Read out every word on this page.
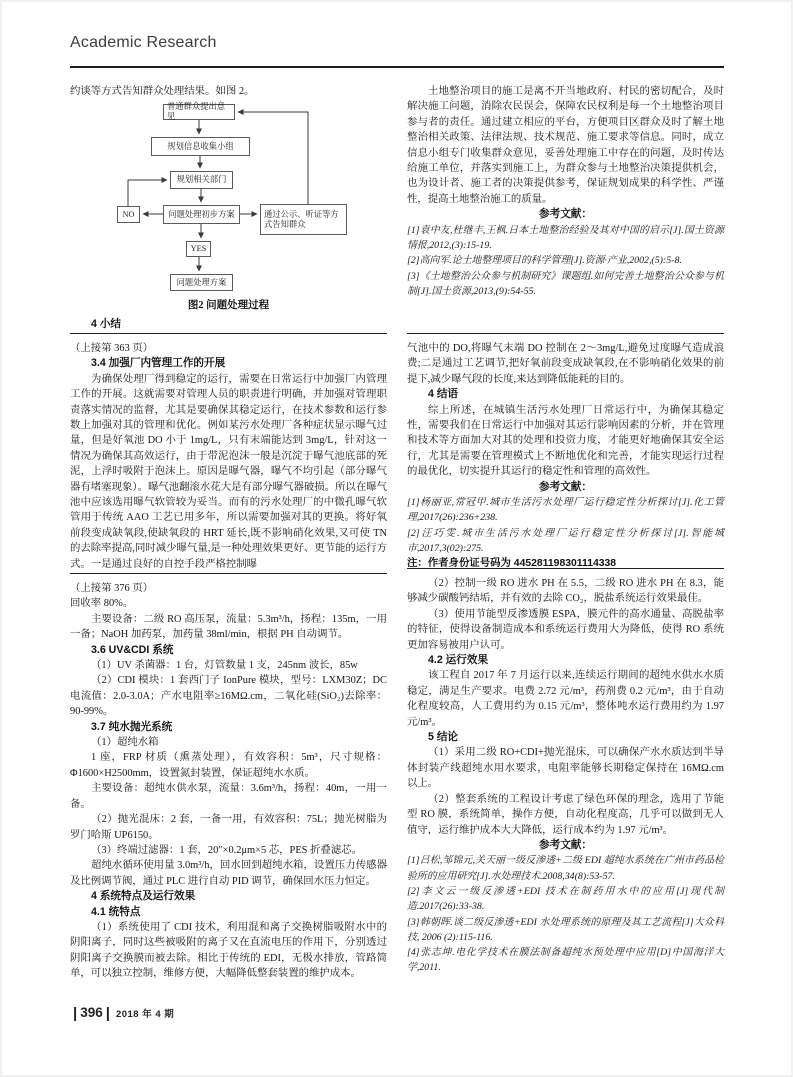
Academic Research
约谈等方式告知群众处理结果。如图 2。
普通群众提出意见
规划信息收集小组
规划相关部门
问题处理初步方案
NO	通过公示、听证等方式告知群众
YES
问题处理方案
图2 问题处理过程
4 小结
（上接第 363 页）
3.4 加强厂内管理工作的开展
为确保处理厂得到稳定的运行，需要在日常运行中加强厂内管理工作的开展。这就需要对管理人员的职责进行明确，并加强对管理职责落实情况的监督，尤其是要确保其稳定运行，在技术参数和运行参数上加强对其的管理和优化。例如某污水处理厂各种症状显示曝气过量，但是好氧池 DO 小于 1mg/L，只有末端能达到 3mg/L，针对这一情况为确保其高效运行，由于带泥泡沫一般是沉淀于曝气池底部的死泥，上浮时吸附于泡沫上。原因是曝气器，曝气不均引起（部分曝气器有堵塞现象）。曝气池翻滚水花大是有部分曝气器破损。所以在曝气池中应该选用曝气软管较为妥当。而有的污水处理厂的中微孔曝气软管用于传统 AAO 工艺已用多年，所以需要加强对其的更换。将好氧前段变成缺氧段,使缺氧段的 HRT 延长,既不影响硝化效果,又可使 TN 的去除率提高,同时减少曝气量,是一种处理效果更好、更节能的运行方式。一是通过良好的自控手段严格控制曝
（上接第 376 页）
回收率 80%。
主要设备：二级 RO 高压泵，流量：5.3m³/h，扬程：135m，一用一备；NaOH 加药泵，加药量 38ml/min，根据 PH 自动调节。
3.6 UV&CDI 系统
（1）UV 杀菌器：1 台，灯管数量 1 支，245nm 波长，85w
（2）CDI 模块：1 套西门子 IonPure 模块，型号：LXM30Z；DC 电流值：2.0-3.0A；产水电阻率≥16MΩ.cm，二氧化硅(SiO₂)去除率：90-99%。
3.7 纯水抛光系统
（1）超纯水箱
1 座，FRP 材质（熏蒸处理），有效容积：5m³，尺寸规格：Φ1600×H2500mm，设置氮封装置，保证超纯水水质。
主要设备：超纯水供水泵，流量：3.6m³/h，扬程：40m，一用一备。
（2）抛光混床：2 套，一备一用，有效容积：75L；抛光树脂为罗门哈斯 UP6150。
（3）终端过滤器：1 套，20″×0.2μm×5 芯，PES 折叠滤芯。
超纯水循环使用量 3.0m³/h，回水回到超纯水箱，设置压力传感器及比例调节阀，通过 PLC 进行自动 PID 调节，确保回水压力恒定。
4 系统特点及运行效果
4.1 统特点
（1）系统使用了 CDI 技术，利用混和离子交换树脂吸附水中的阴阳离子，同时这些被吸附的离子又在直流电压的作用下，分别透过阴阳离子交换膜而被去除。相比于传统的 EDI，无极水排放，管路简单，可以独立控制，维修方便，大幅降低整套装置的维护成本。
土地整治项目的施工是离不开当地政府、村民的密切配合，及时解决施工问题，消除农民误会，保障农民权利是每一个土地整治项目参与者的责任。通过建立相应的平台，方便项目区群众及时了解土地整治相关政策、法律法规、技术规范、施工要求等信息。同时，成立信息小组专门收集群众意见，妥善处理施工中存在的问题，及时传达给施工单位，并落实到施工上，为群众参与土地整治决策提供机会，也为设计者、施工者的决策提供参考，保证规划成果的科学性、严谨性，提高土地整治施工的质量。
参考文献：
[1]袁中友,杜继丰,王枫.日本土地整治经验及其对中国的启示[J].国土资源情报,2012,(3):15-19.
[2]高向军.论土地整理项目的科学管理[J].资源·产业,2002,(5):5-8.
[3]《土地整治公众参与机制研究》课题组.如何完善土地整治公众参与机制[J].国土资源,2013,(9):54-55.
气池中的 DO,将曝气末端 DO 控制在 2～3mg/L,避免过度曝气造成浪费;二是通过工艺调节,把好氧前段变成缺氧段,在不影响硝化效果的前提下,减少曝气段的长度,来达到降低能耗的目的。
4 结语
综上所述，在城镇生活污水处理厂日常运行中，为确保其稳定性，需要我们在日常运行中加强对其运行影响因素的分析，并在管理和技术等方面加大对其的处理和投资力度，才能更好地确保其安全运行，尤其是需要在管理模式上不断地优化和完善，才能实现运行过程的最优化，切实提升其运行的稳定性和管理的高效性。
参考文献：
[1]杨丽亚,常冠甲.城市生活污水处理厂运行稳定性分析探讨[J].化工管理,2017(26):236+238.
[2]汪巧雯.城市生活污水处理厂运行稳定性分析探讨[J].智能城市,2017,3(02):275.
注：作者身份证号码为 445281198301114338
（2）控制一级 RO 进水 PH 在 5.5，二级 RO 进水 PH 在 8.3，能够减少碳酸钙结垢，并有效的去除 CO₂，脱盐系统运行效果最佳。
（3）使用节能型反渗透膜 ESPA，膜元件的高水通量、高脱盐率的特征，使得设备制造成本和系统运行费用大为降低，使得 RO 系统更加容易被用户认可。
4.2 运行效果
该工程自 2017 年 7 月运行以来,连续运行期间的超纯水供水水质稳定，满足生产要求。电费 2.72 元/m³，药剂费 0.2 元/m³，由于自动化程度较高，人工费用约为 0.15 元/m³，整体吨水运行费用约为 1.97 元/m³。
5 结论
（1）采用二级 RO+CDI+抛光混床，可以确保产水水质达到半导体封装产线超纯水用水要求，电阻率能够长期稳定保持在 16MΩ.cm 以上。
（2）整套系统的工程设计考虑了绿色环保的理念，选用了节能型 RO 膜，系统简单，操作方便，自动化程度高，几乎可以做到无人值守，运行维护成本大大降低，运行成本约为 1.97 元/m³。
参考文献：
[1]吕松,邹锦元,关天丽一级反渗透+二级 EDI 超纯水系统在广州市药品检验所的应用研究[J].水处理技术.2008,34(8):53-57.
[2]李文云一级反渗透+EDI 技术在制药用水中的应用[J]现代制造.2017(26):33-38.
[3]韩朝晖.谈二级反渗透+EDI 水处理系统的原理及其工艺流程[J]大众科技, 2006 (2):115-116.
[4]张志坤.电化学技术在膜法制备超纯水预处理中应用[D]中国海洋大学,2011.
| 396 | 2018 年 4 期
